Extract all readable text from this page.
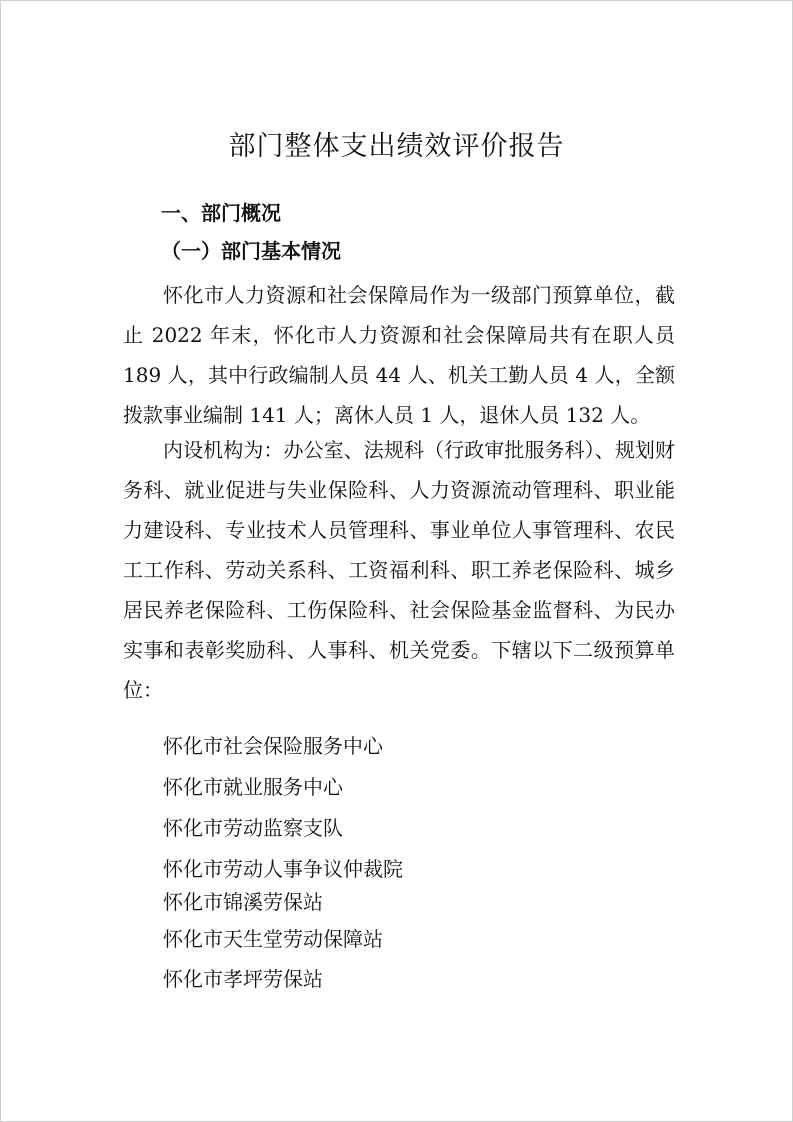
部门整体支出绩效评价报告
一、部门概况
（一）部门基本情况

怀化市人力资源和社会保障局作为一级部门预算单位，截止 2022 年末，怀化市人力资源和社会保障局共有在职人员 189 人，其中行政编制人员 44 人、机关工勤人员 4 人，全额拨款事业编制 141 人；离休人员 1 人，退休人员 132 人。

内设机构为：办公室、法规科（行政审批服务科）、规划财务科、就业促进与失业保险科、人力资源流动管理科、职业能力建设科、专业技术人员管理科、事业单位人事管理科、农民工工作科、劳动关系科、工资福利科、职工养老保险科、城乡居民养老保险科、工伤保险科、社会保险基金监督科、为民办实事和表彰奖励科、人事科、机关党委。下辖以下二级预算单位：

怀化市社会保险服务中心

怀化市就业服务中心

怀化市劳动监察支队

怀化市劳动人事争议仲裁院

怀化市锦溪劳保站

怀化市天生堂劳动保障站

怀化市孝坪劳保站
